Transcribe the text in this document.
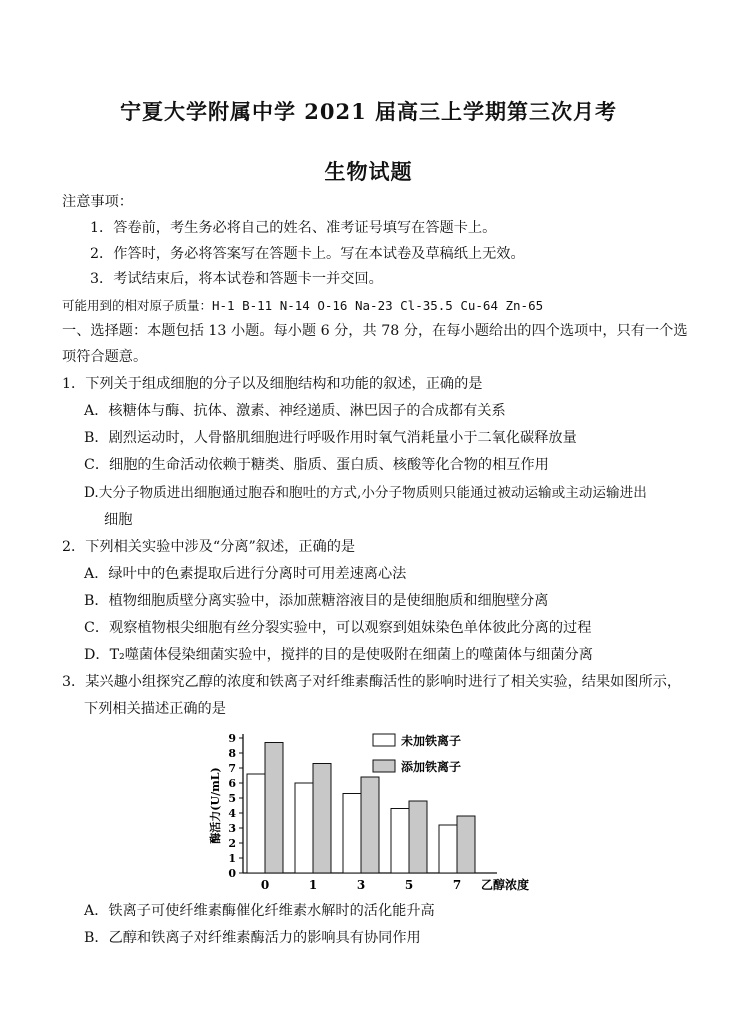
宁夏大学附属中学 2021 届高三上学期第三次月考
生物试题
注意事项：
1．答卷前，考生务必将自己的姓名、准考证号填写在答题卡上。
2．作答时，务必将答案写在答题卡上。写在本试卷及草稿纸上无效。
3．考试结束后，将本试卷和答题卡一并交回。
可能用到的相对原子质量：H-1 B-11 N-14 O-16 Na-23 Cl-35.5 Cu-64 Zn-65
一、选择题：本题包括 13 小题。每小题 6 分，共 78 分，在每小题给出的四个选项中，只有一个选
项符合题意。
1．下列关于组成细胞的分子以及细胞结构和功能的叙述，正确的是
A．核糖体与酶、抗体、激素、神经递质、淋巴因子的合成都有关系
B．剧烈运动时，人骨骼肌细胞进行呼吸作用时氧气消耗量小于二氧化碳释放量
C．细胞的生命活动依赖于糖类、脂质、蛋白质、核酸等化合物的相互作用
D.大分子物质进出细胞通过胞吞和胞吐的方式,小分子物质则只能通过被动运输或主动运输进出
细胞
2．下列相关实验中涉及“分离”叙述，正确的是
A．绿叶中的色素提取后进行分离时可用差速离心法
B．植物细胞质壁分离实验中，添加蔗糖溶液目的是使细胞质和细胞壁分离
C．观察植物根尖细胞有丝分裂实验中，可以观察到姐妹染色单体彼此分离的过程
D．T₂噬菌体侵染细菌实验中，搅拌的目的是使吸附在细菌上的噬菌体与细菌分离
3．某兴趣小组探究乙醇的浓度和铁离子对纤维素酶活性的影响时进行了相关实验，结果如图所示，
下列相关描述正确的是
0
1
2
3
4
5
6
7
8
9
酶活力(U/mL)
0	1	3	5	7 乙醇浓度
未加铁离子
添加铁离子
A．铁离子可使纤维素酶催化纤维素水解时的活化能升高
B．乙醇和铁离子对纤维素酶活力的影响具有协同作用
